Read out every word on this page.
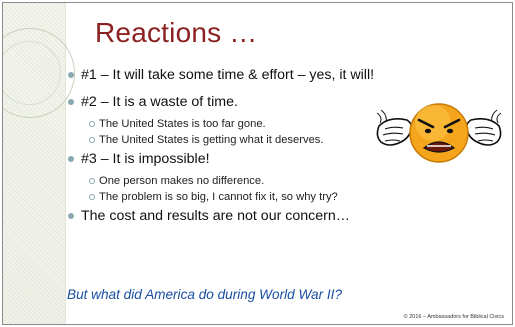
Reactions …
#1 – It will take some time & effort – yes, it will!
#2 – It is a waste of time.
The United States is too far gone.
The United States is getting what it deserves.
#3 – It is impossible!
One person makes no difference.
The problem is so big, I cannot fix it, so why try?
The cost and results are not our concern…
But what did America do during World War II?
© 2016 – Ambassadors for Biblical Civics
